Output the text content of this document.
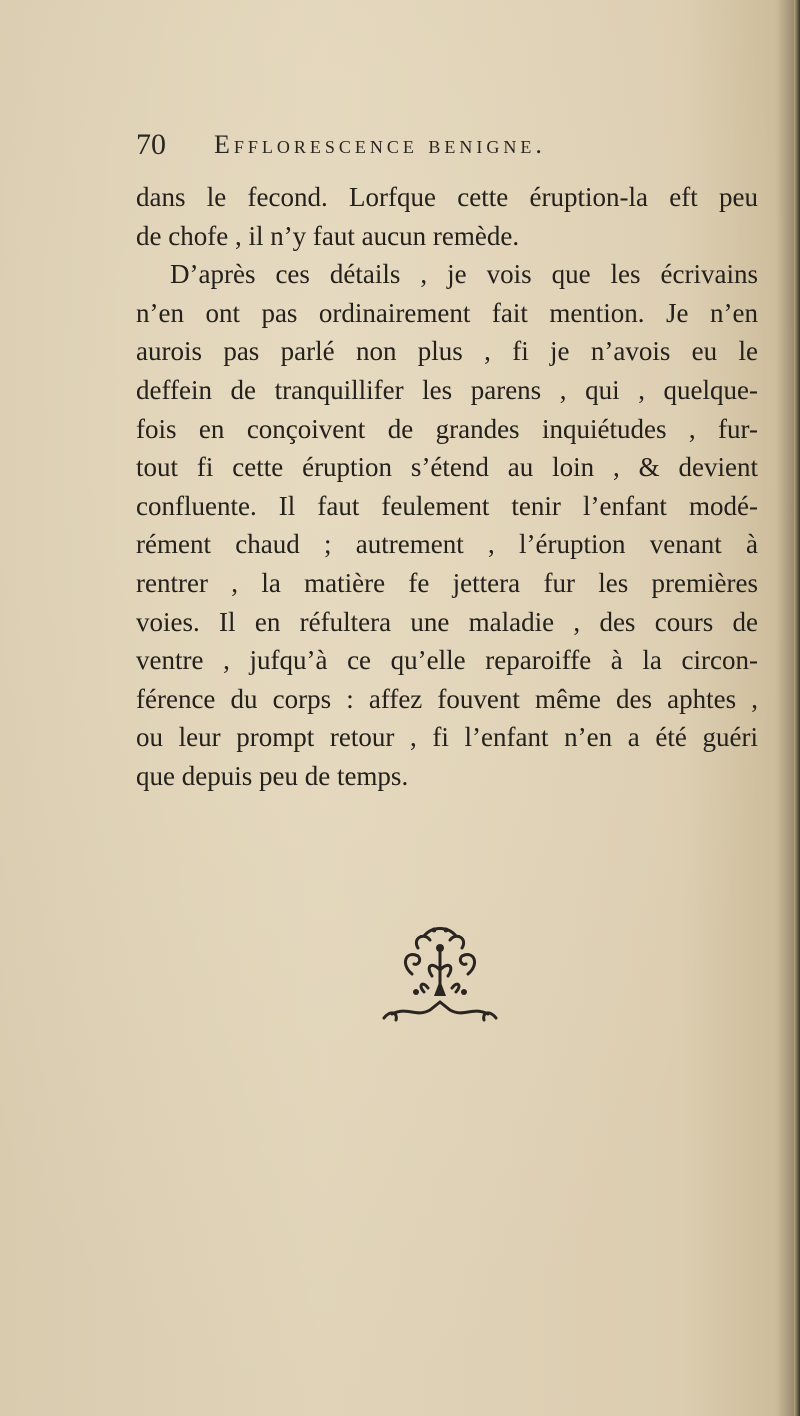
70 Efflorescence benigne.
dans le fecond. Lorfque cette éruption-la eft peu
de chofe , il n’y faut aucun remède.
D’après ces détails , je vois que les écrivains
n’en ont pas ordinairement fait mention. Je n’en
aurois pas parlé non plus , fi je n’avois eu le
deffein de tranquillifer les parens , qui , quelque-
fois en conçoivent de grandes inquiétudes , fur-
tout fi cette éruption s’étend au loin , & devient
confluente. Il faut feulement tenir l’enfant modé-
rément chaud ; autrement , l’éruption venant à
rentrer , la matière fe jettera fur les premières
voies. Il en réfultera une maladie , des cours de
ventre , jufqu’à ce qu’elle reparoiffe à la circon-
férence du corps : affez fouvent même des aphtes ,
ou leur prompt retour , fi l’enfant n’en a été guéri
que depuis peu de temps.
